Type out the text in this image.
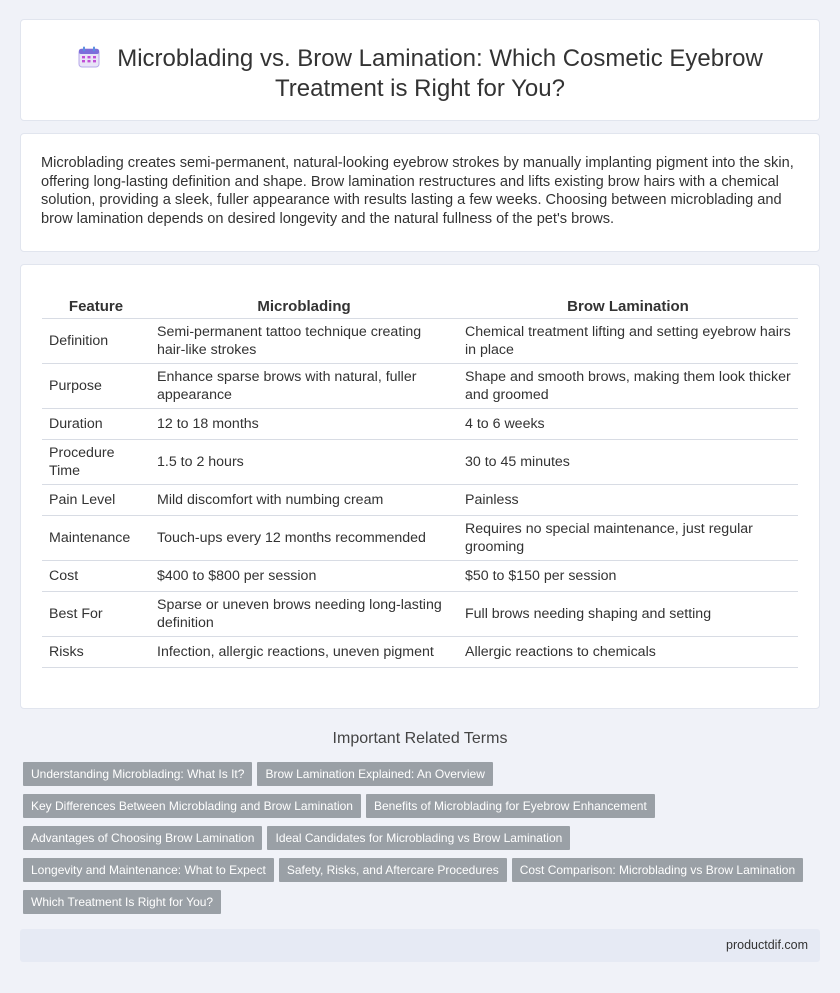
Microblading vs. Brow Lamination: Which Cosmetic Eyebrow Treatment is Right for You?

Microblading creates semi-permanent, natural-looking eyebrow strokes by manually implanting pigment into the skin, offering long-lasting definition and shape. Brow lamination restructures and lifts existing brow hairs with a chemical solution, providing a sleek, fuller appearance with results lasting a few weeks. Choosing between microblading and brow lamination depends on desired longevity and the natural fullness of the pet's brows.

Feature	Microblading	Brow Lamination
Definition	Semi-permanent tattoo technique creating hair-like strokes	Chemical treatment lifting and setting eyebrow hairs in place
Purpose	Enhance sparse brows with natural, fuller appearance	Shape and smooth brows, making them look thicker and groomed
Duration	12 to 18 months	4 to 6 weeks
Procedure Time	1.5 to 2 hours	30 to 45 minutes
Pain Level	Mild discomfort with numbing cream	Painless
Maintenance	Touch-ups every 12 months recommended	Requires no special maintenance, just regular grooming
Cost	$400 to $800 per session	$50 to $150 per session
Best For	Sparse or uneven brows needing long-lasting definition	Full brows needing shaping and setting
Risks	Infection, allergic reactions, uneven pigment	Allergic reactions to chemicals
Important Related Terms
Understanding Microblading: What Is It?	Brow Lamination Explained: An Overview
Key Differences Between Microblading and Brow Lamination	Benefits of Microblading for Eyebrow Enhancement
Advantages of Choosing Brow Lamination	Ideal Candidates for Microblading vs Brow Lamination
Longevity and Maintenance: What to Expect	Safety, Risks, and Aftercare Procedures	Cost Comparison: Microblading vs Brow Lamination
Which Treatment Is Right for You?
productdif.com
